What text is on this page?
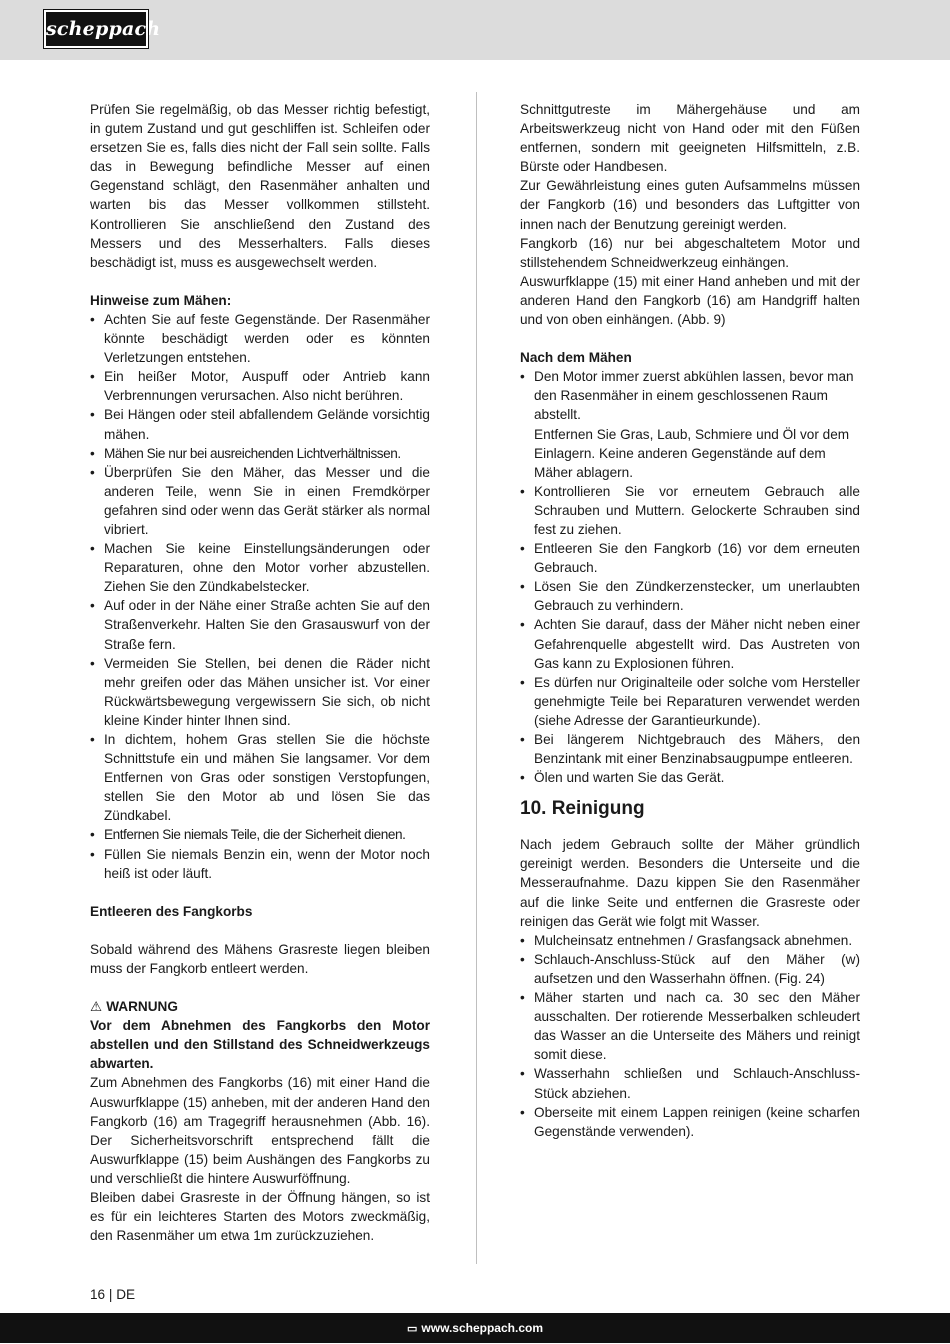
scheppach

Prüfen Sie regelmäßig, ob das Messer richtig befestigt, in gutem Zustand und gut geschliffen ist. Schleifen oder ersetzen Sie es, falls dies nicht der Fall sein sollte. Falls das in Bewegung befindliche Messer auf einen Gegenstand schlägt, den Rasenmäher anhalten und warten bis das Messer vollkommen stillsteht. Kontrollieren Sie anschließend den Zustand des Messers und des Messerhalters. Falls dieses beschädigt ist, muss es ausgewechselt werden.

Hinweise zum Mähen:
• Achten Sie auf feste Gegenstände. Der Rasenmäher könnte beschädigt werden oder es könnten Verletzungen entstehen.
• Ein heißer Motor, Auspuff oder Antrieb kann Verbrennungen verursachen. Also nicht berühren.
• Bei Hängen oder steil abfallendem Gelände vorsichtig mähen.
• Mähen Sie nur bei ausreichenden Lichtverhältnissen.
• Überprüfen Sie den Mäher, das Messer und die anderen Teile, wenn Sie in einen Fremdkörper gefahren sind oder wenn das Gerät stärker als normal vibriert.
• Machen Sie keine Einstellungsänderungen oder Reparaturen, ohne den Motor vorher abzustellen. Ziehen Sie den Zündkabelstecker.
• Auf oder in der Nähe einer Straße achten Sie auf den Straßenverkehr. Halten Sie den Grasauswurf von der Straße fern.
• Vermeiden Sie Stellen, bei denen die Räder nicht mehr greifen oder das Mähen unsicher ist. Vor einer Rückwärtsbewegung vergewissern Sie sich, ob nicht kleine Kinder hinter Ihnen sind.
• In dichtem, hohem Gras stellen Sie die höchste Schnittstufe ein und mähen Sie langsamer. Vor dem Entfernen von Gras oder sonstigen Verstopfungen, stellen Sie den Motor ab und lösen Sie das Zündkabel.
• Entfernen Sie niemals Teile, die der Sicherheit dienen.
• Füllen Sie niemals Benzin ein, wenn der Motor noch heiß ist oder läuft.
Entleeren des Fangkorbs

Sobald während des Mähens Grasreste liegen bleiben muss der Fangkorb entleert werden.

⚠ WARNUNG

Vor dem Abnehmen des Fangkorbs den Motor abstellen und den Stillstand des Schneidwerkzeugs abwarten.

Zum Abnehmen des Fangkorbs (16) mit einer Hand die Auswurfklappe (15) anheben, mit der anderen Hand den Fangkorb (16) am Tragegriff herausnehmen (Abb. 16). Der Sicherheitsvorschrift entsprechend fällt die Auswurfklappe (15) beim Aushängen des Fangkorbs zu und verschließt die hintere Auswurföffnung.

Bleiben dabei Grasreste in der Öffnung hängen, so ist es für ein leichteres Starten des Motors zweckmäßig, den Rasenmäher um etwa 1m zurückzuziehen.

Schnittgutreste im Mähergehäuse und am Arbeitswerkzeug nicht von Hand oder mit den Füßen entfernen, sondern mit geeigneten Hilfsmitteln, z.B. Bürste oder Handbesen.

Zur Gewährleistung eines guten Aufsammelns müssen der Fangkorb (16) und besonders das Luftgitter von innen nach der Benutzung gereinigt werden.

Fangkorb (16) nur bei abgeschaltetem Motor und stillstehendem Schneidwerkzeug einhängen.

Auswurfklappe (15) mit einer Hand anheben und mit der anderen Hand den Fangkorb (16) am Handgriff halten und von oben einhängen. (Abb. 9)

Nach dem Mähen
• Den Motor immer zuerst abkühlen lassen, bevor man den Rasenmäher in einem geschlossenen Raum abstellt.
Entfernen Sie Gras, Laub, Schmiere und Öl vor dem Einlagern. Keine anderen Gegenstände auf dem Mäher ablagern.
• Kontrollieren Sie vor erneutem Gebrauch alle Schrauben und Muttern. Gelockerte Schrauben sind fest zu ziehen.
• Entleeren Sie den Fangkorb (16) vor dem erneuten Gebrauch.
• Lösen Sie den Zündkerzenstecker, um unerlaubten Gebrauch zu verhindern.
• Achten Sie darauf, dass der Mäher nicht neben einer Gefahrenquelle abgestellt wird. Das Austreten von Gas kann zu Explosionen führen.
• Es dürfen nur Originalteile oder solche vom Hersteller genehmigte Teile bei Reparaturen verwendet werden (siehe Adresse der Garantieurkunde).
• Bei längerem Nichtgebrauch des Mähers, den Benzintank mit einer Benzinabsaugpumpe entleeren.
• Ölen und warten Sie das Gerät.
10. Reinigung

Nach jedem Gebrauch sollte der Mäher gründlich gereinigt werden. Besonders die Unterseite und die Messeraufnahme. Dazu kippen Sie den Rasenmäher auf die linke Seite und entfernen die Grasreste oder reinigen das Gerät wie folgt mit Wasser.

• Mulcheinsatz entnehmen / Grasfangsack abnehmen.
• Schlauch-Anschluss-Stück auf den Mäher (w) aufsetzen und den Wasserhahn öffnen. (Fig. 24)
• Mäher starten und nach ca. 30 sec den Mäher ausschalten. Der rotierende Messerbalken schleudert das Wasser an die Unterseite des Mähers und reinigt somit diese.
• Wasserhahn schließen und Schlauch-Anschluss-Stück abziehen.
• Oberseite mit einem Lappen reinigen (keine scharfen Gegenstände verwenden).
16 | DE
▭ www.scheppach.com
